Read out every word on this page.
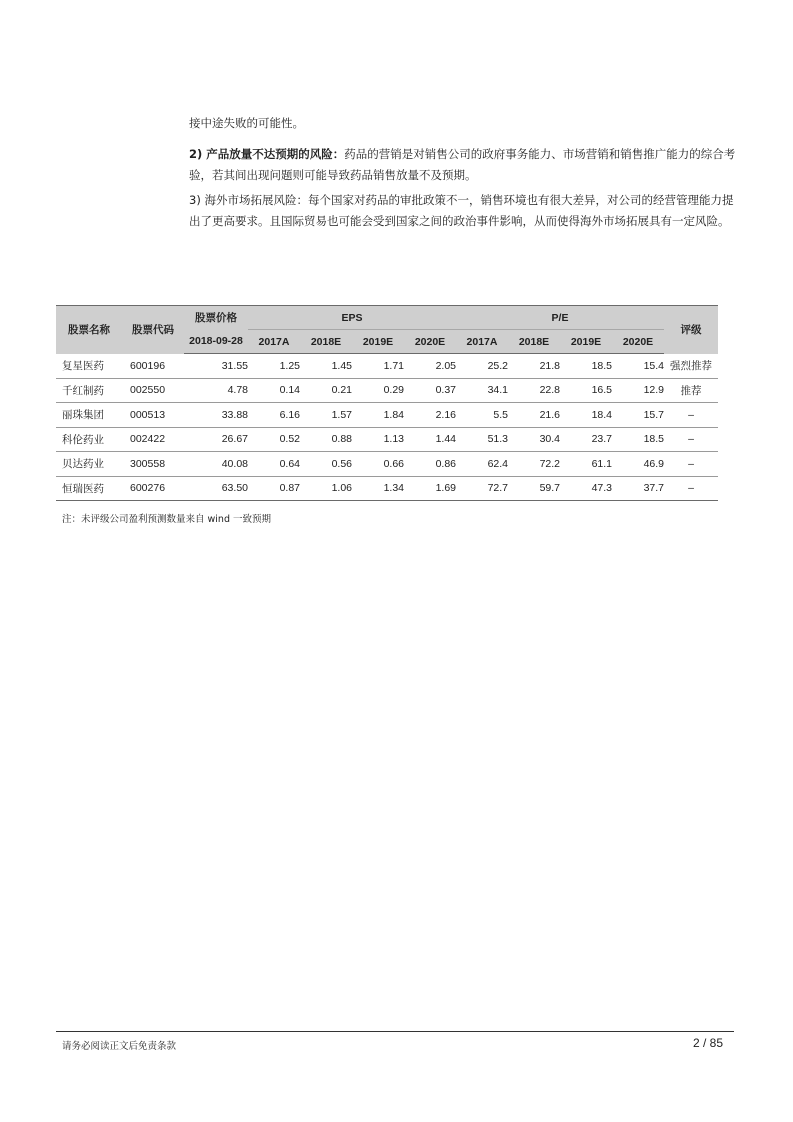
接中途失败的可能性。

2) 产品放量不达预期的风险：药品的营销是对销售公司的政府事务能力、市场营销和销售推广能力的综合考验，若其间出现问题则可能导致药品销售放量不及预期。

3) 海外市场拓展风险：每个国家对药品的审批政策不一，销售环境也有很大差异，对公司的经营管理能力提出了更高要求。且国际贸易也可能会受到国家之间的政治事件影响，从而使得海外市场拓展具有一定风险。

股票名称	股票代码	股票价格	EPS				P/E				评级
		2018-09-28	2017A	2018E	2019E	2020E	2017A	2018E	2019E	2020E	
复星医药	600196	31.55	1.25	1.45	1.71	2.05	25.2	21.8	18.5	15.4	强烈推荐
千红制药	002550	4.78	0.14	0.21	0.29	0.37	34.1	22.8	16.5	12.9	推荐
丽珠集团	000513	33.88	6.16	1.57	1.84	2.16	5.5	21.6	18.4	15.7	–
科伦药业	002422	26.67	0.52	0.88	1.13	1.44	51.3	30.4	23.7	18.5	–
贝达药业	300558	40.08	0.64	0.56	0.66	0.86	62.4	72.2	61.1	46.9	–
恒瑞医药	600276	63.50	0.87	1.06	1.34	1.69	72.7	59.7	47.3	37.7	–
注：未评级公司盈利预测数量来自 wind 一致预期
请务必阅读正文后免责条款	2 / 85
